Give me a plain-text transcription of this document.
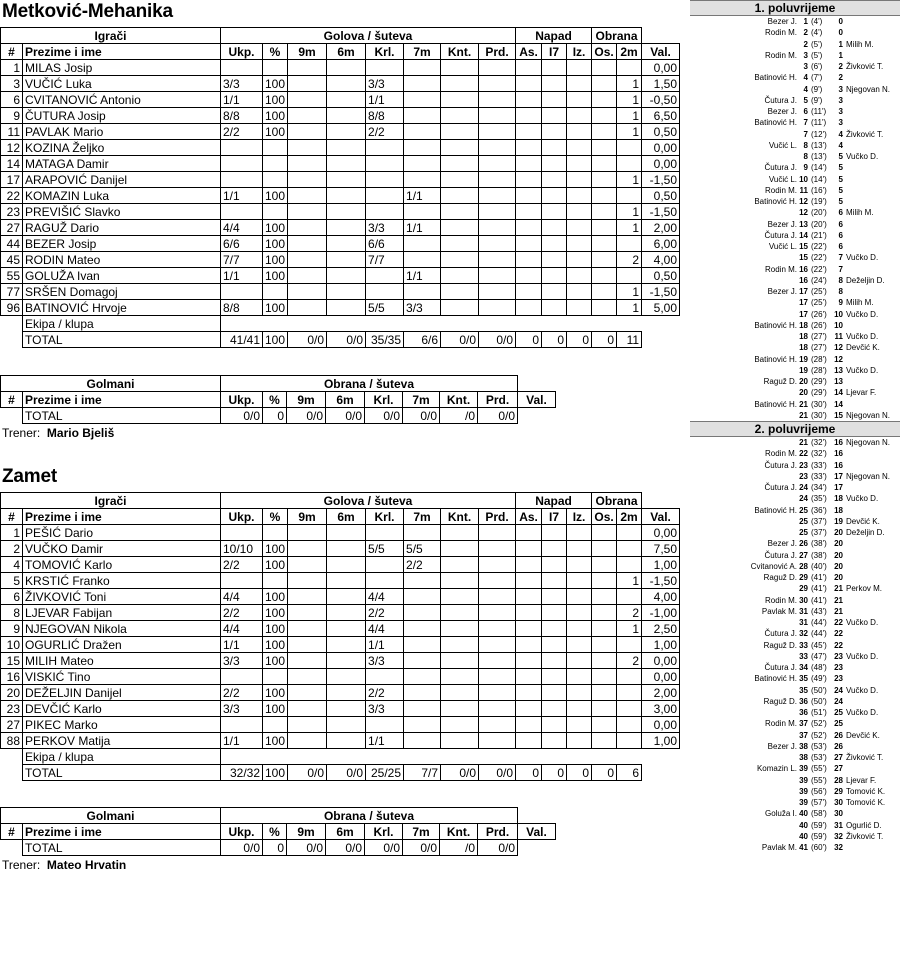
Metković-Mehanika
Igrači		Golova / šuteva								Napad			Obrana		
#	Prezime i ime	Ukp.	%	9m	6m	Krl.	7m	Knt.	Prd.	As.	I7	Iz.	Os.	2m	Val.
1	MILAS Josip														0,00
3	VUČIĆ Luka	3/3	100			3/3								1	1,50
6	CVITANOVIĆ Antonio	1/1	100			1/1								1	-0,50
9	ČUTURA Josip	8/8	100			8/8								1	6,50
11	PAVLAK Mario	2/2	100			2/2								1	0,50
12	KOZINA Željko														0,00
14	MATAGA Damir														0,00
17	ARAPOVIĆ Danijel													1	-1,50
22	KOMAZIN Luka	1/1	100				1/1								0,50
23	PREVIŠIĆ Slavko													1	-1,50
27	RAGUŽ Dario	4/4	100			3/3	1/1							1	2,00
44	BEZER Josip	6/6	100			6/6									6,00
45	RODIN Mateo	7/7	100			7/7								2	4,00
55	GOLUŽA Ivan	1/1	100				1/1								0,50
77	SRŠEN Domagoj													1	-1,50
96	BATINOVIĆ Hrvoje	8/8	100			5/5	3/3							1	5,00
	Ekipa / klupa														
	TOTAL	41/41	100	0/0	0/0	35/35	6/6	0/0	0/0	0	0	0	0	11	
Golmani		Obrana / šuteva								
#	Prezime i ime	Ukp.	%	9m	6m	Krl.	7m	Knt.	Prd.	Val.
	TOTAL	0/0	0	0/0	0/0	0/0	0/0	/0	0/0	
Trener: Mario Bjeliš
Zamet
Igrači		Golova / šuteva								Napad			Obrana		
#	Prezime i ime	Ukp.	%	9m	6m	Krl.	7m	Knt.	Prd.	As.	I7	Iz.	Os.	2m	Val.
1	PEŠIĆ Dario														0,00
2	VUČKO Damir	10/10	100			5/5	5/5								7,50
4	TOMOVIĆ Karlo	2/2	100				2/2								1,00
5	KRSTIĆ Franko													1	-1,50
6	ŽIVKOVIĆ Toni	4/4	100			4/4									4,00
8	LJEVAR Fabijan	2/2	100			2/2								2	-1,00
9	NJEGOVAN Nikola	4/4	100			4/4								1	2,50
10	OGURLIĆ Dražen	1/1	100			1/1									1,00
15	MILIH Mateo	3/3	100			3/3								2	0,00
16	VISKIĆ Tino														0,00
20	DEŽELJIN Danijel	2/2	100			2/2									2,00
23	DEVČIĆ Karlo	3/3	100			3/3									3,00
27	PIKEC Marko														0,00
88	PERKOV Matija	1/1	100			1/1									1,00
	Ekipa / klupa														
	TOTAL	32/32	100	0/0	0/0	25/25	7/7	0/0	0/0	0	0	0	0	6	
Golmani		Obrana / šuteva								
#	Prezime i ime	Ukp.	%	9m	6m	Krl.	7m	Knt.	Prd.	Val.
	TOTAL	0/0	0	0/0	0/0	0/0	0/0	/0	0/0	
Trener: Mateo Hrvatin
1. poluvrijeme
Bezer J. 1 (4')	0
Rodin M. 2 (4')	0
2 (5')	1 Milih M.
Rodin M. 3 (5')	1
3 (6')	2 Živković T.
Batinović H. 4 (7')	2
4 (9')	3 Njegovan N.
Čutura J. 5 (9')	3
Bezer J. 6 (11')	3
Batinović H. 7 (11')	3
7 (12')	4 Živković T.
Vučić L. 8 (13')	4
8 (13')	5 Vučko D.
Čutura J. 9 (14')	5
Vučić L. 10 (14')	5
Rodin M. 11 (16')	5
Batinović H. 12 (19')	5
12 (20')	6 Milih M.
Bezer J. 13 (20')	6
Čutura J. 14 (21')	6
Vučić L. 15 (22')	6
15 (22')	7 Vučko D.
Rodin M. 16 (22')	7
16 (24')	8 Deželjin D.
Bezer J. 17 (25')	8
17 (25')	9 Milih M.
17 (26') 10 Vučko D.
Batinović H. 18 (26') 10
18 (27') 11 Vučko D.
18 (27') 12 Devčić K.
Batinović H. 19 (28') 12
19 (28') 13 Vučko D.
Raguž D. 20 (29') 13
20 (29') 14 Ljevar F.
Batinović H. 21 (30') 14
21 (30') 15 Njegovan N.
2. poluvrijeme
21 (32') 16 Njegovan N.
Rodin M. 22 (32') 16
Čutura J. 23 (33') 16
23 (33') 17 Njegovan N.
Čutura J. 24 (34') 17
24 (35') 18 Vučko D.
Batinović H. 25 (36') 18
25 (37') 19 Devčić K.
25 (37') 20 Deželjin D.
Bezer J. 26 (38') 20
Čutura J. 27 (38') 20
Cvitanović A. 28 (40') 20
Raguž D. 29 (41') 20
29 (41') 21 Perkov M.
Rodin M. 30 (41') 21
Pavlak M. 31 (43') 21
31 (44') 22 Vučko D.
Čutura J. 32 (44') 22
Raguž D. 33 (45') 22
33 (47') 23 Vučko D.
Čutura J. 34 (48') 23
Batinović H. 35 (49') 23
35 (50') 24 Vučko D.
Raguž D. 36 (50') 24
36 (51') 25 Vučko D.
Rodin M. 37 (52') 25
37 (52') 26 Devčić K.
Bezer J. 38 (53') 26
38 (53') 27 Živković T.
Komazin L. 39 (55') 27
39 (55') 28 Ljevar F.
39 (56') 29 Tomović K.
39 (57') 30 Tomović K.
Goluža I. 40 (58') 30
40 (59') 31 Ogurlić D.
40 (59') 32 Živković T.
Pavlak M. 41 (60') 32
